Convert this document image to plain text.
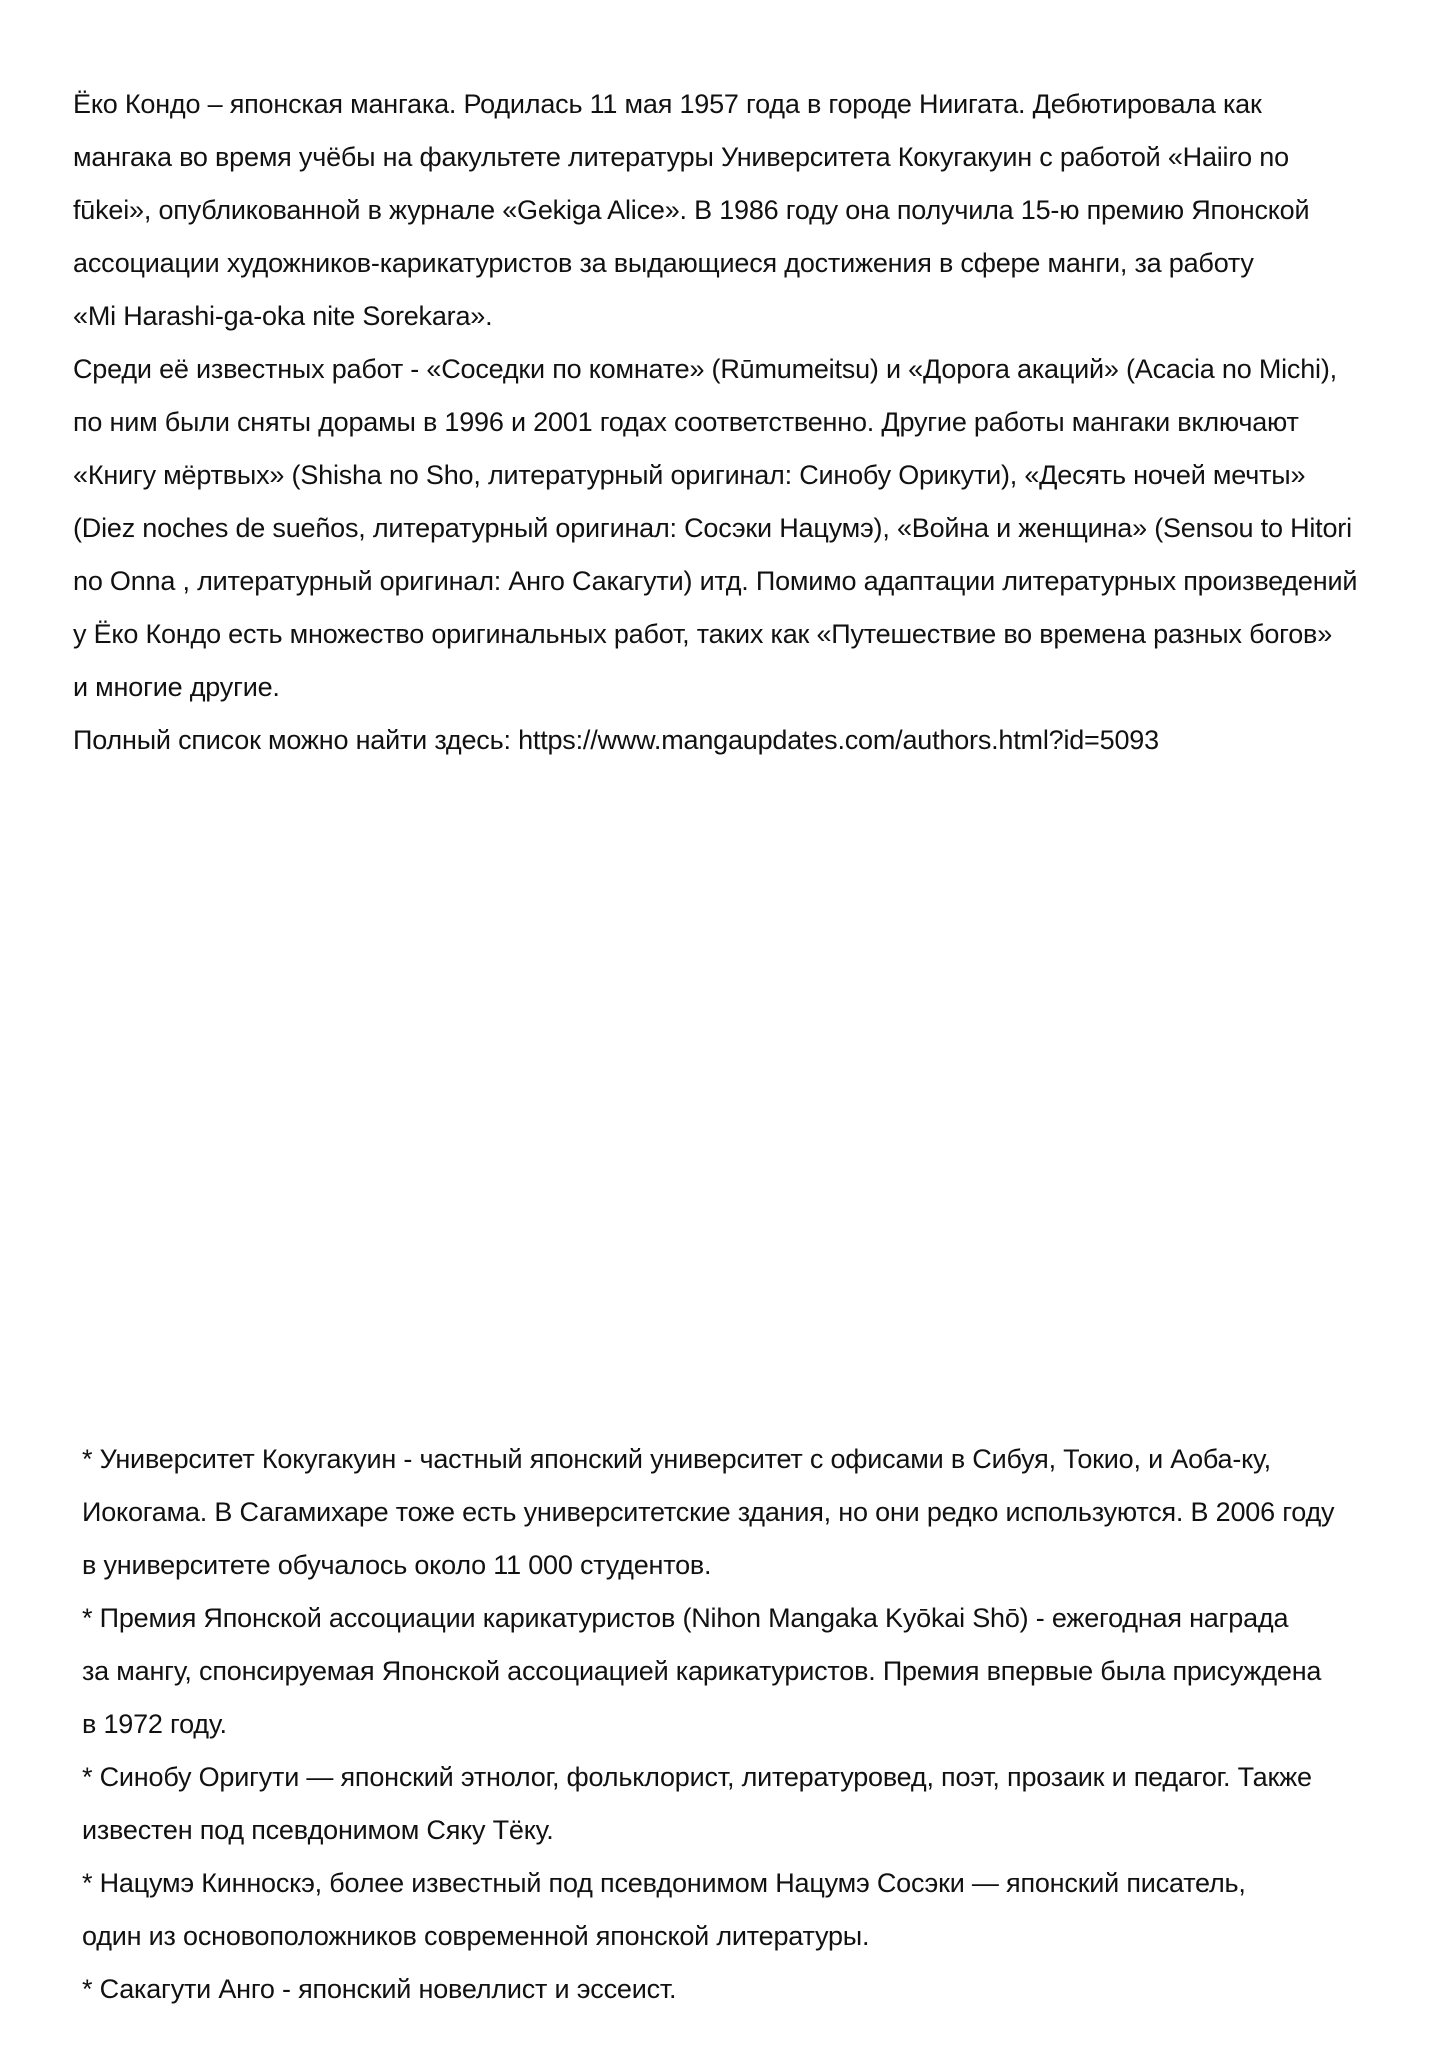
Ёко Кондо – японская мангака. Родилась 11 мая 1957 года в городе Ниигата. Дебютировала как
мангака во время учёбы на факультете литературы Университета Кокугакуин с работой «Haiiro no
fūkei», опубликованной в журнале «Gekiga Alice». В 1986 году она получила 15-ю премию Японской
ассоциации художников-карикатуристов за выдающиеся достижения в сфере манги, за работу
«Mi Harashi-ga-oka nite Sorekara».
Среди её известных работ - «Соседки по комнате» (Rūmumeitsu) и «Дорога акаций» (Acacia no Michi),
по ним были сняты дорамы в 1996 и 2001 годах соответственно. Другие работы мангаки включают
«Книгу мёртвых» (Shisha no Sho, литературный оригинал: Синобу Орикути), «Десять ночей мечты»
(Diez noches de sueños, литературный оригинал: Сосэки Нацумэ), «Война и женщина» (Sensou to Hitori
no Onna , литературный оригинал: Анго Сакагути) итд. Помимо адаптации литературных произведений
у Ёко Кондо есть множество оригинальных работ, таких как «Путешествие во времена разных богов»
и многие другие.
Полный список можно найти здесь: https://www.mangaupdates.com/authors.html?id=5093
* Университет Кокугакуин - частный японский университет с офисами в Сибуя, Токио, и Аоба-ку,
Иокогама. В Сагамихаре тоже есть университетские здания, но они редко используются. В 2006 году
в университете обучалось около 11 000 студентов.
* Премия Японской ассоциации карикатуристов (Nihon Mangaka Kyōkai Shō) - ежегодная награда
за мангу, спонсируемая Японской ассоциацией карикатуристов. Премия впервые была присуждена
в 1972 году.
* Синобу Оригути — японский этнолог, фольклорист, литературовед, поэт, прозаик и педагог. Также
известен под псевдонимом Сяку Тёку.
* Нацумэ Кинноскэ, более известный под псевдонимом Нацумэ Сосэки — японский писатель,
один из основоположников современной японской литературы.
* Сакагути Анго - японский новеллист и эссеист.
